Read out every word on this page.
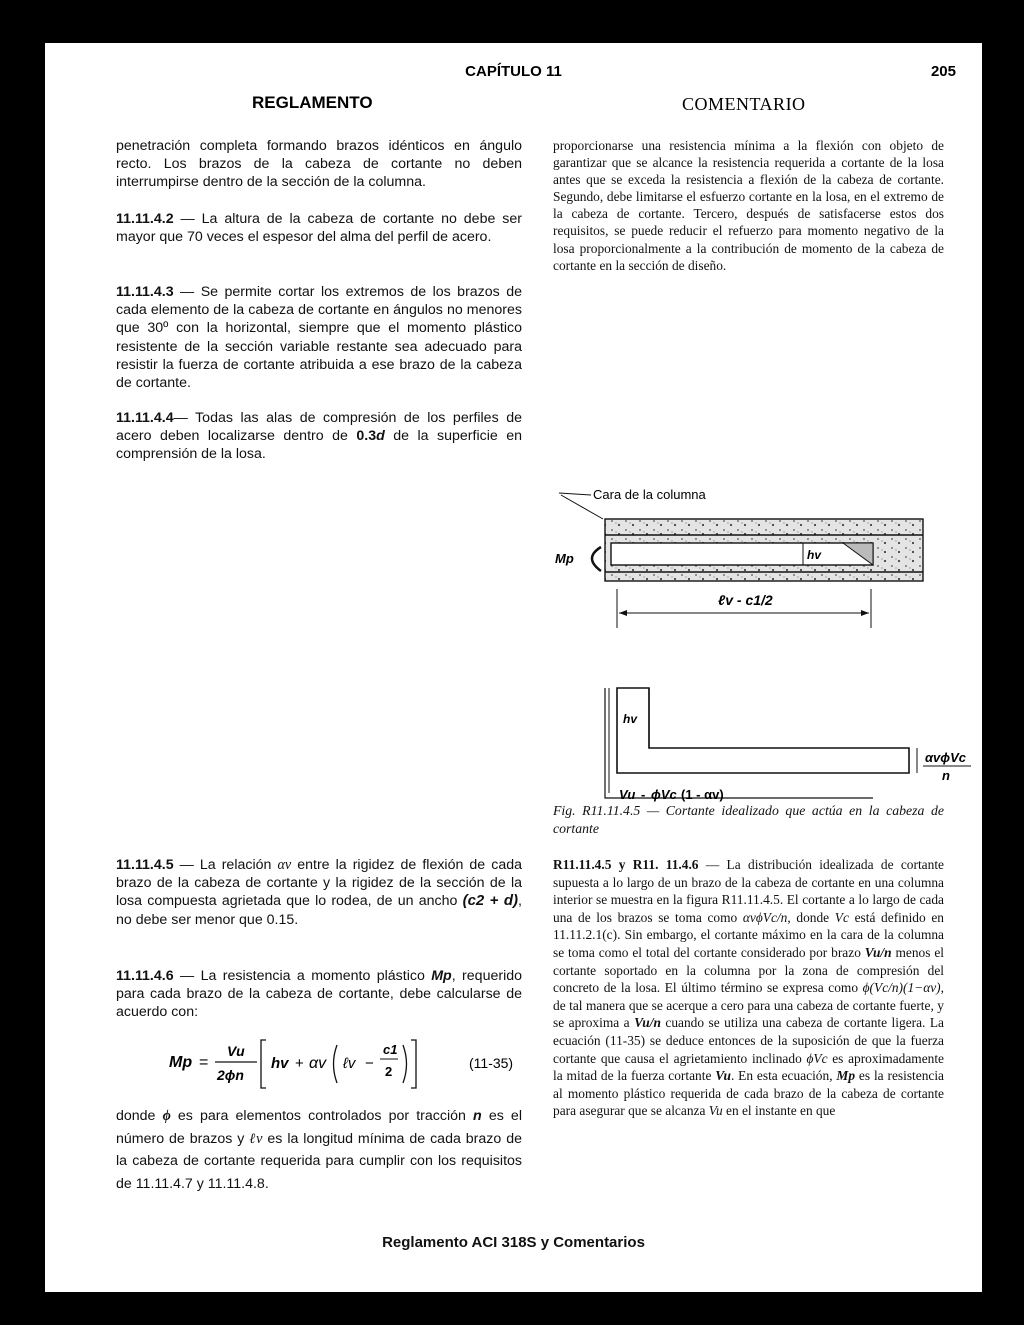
CAPÍTULO 11	205
REGLAMENTO	COMENTARIO
penetración completa formando brazos idénticos en ángulo recto. Los brazos de la cabeza de cortante no deben interrumpirse dentro de la sección de la columna.
11.11.4.2 — La altura de la cabeza de cortante no debe ser mayor que 70 veces el espesor del alma del perfil de acero.
11.11.4.3 — Se permite cortar los extremos de los brazos de cada elemento de la cabeza de cortante en ángulos no menores que 30º con la horizontal, siempre que el momento plástico resistente de la sección variable restante sea adecuado para resistir la fuerza de cortante atribuida a ese brazo de la cabeza de cortante.
11.11.4.4— Todas las alas de compresión de los perfiles de acero deben localizarse dentro de 0.3d de la superficie en comprensión de la losa.
11.11.4.5 — La relación αv entre la rigidez de flexión de cada brazo de la cabeza de cortante y la rigidez de la sección de la losa compuesta agrietada que lo rodea, de un ancho (c2 + d), no debe ser menor que 0.15.
11.11.4.6 — La resistencia a momento plástico Mp, requerido para cada brazo de la cabeza de cortante, debe calcularse de acuerdo con:
Mp =
Vu
2ϕn
hv + αv ℓv −
c1
2
(11-35)
donde ϕ es para elementos controlados por tracción n es el número de brazos y ℓv es la longitud mínima de cada brazo de la cabeza de cortante requerida para cumplir con los requisitos de 11.11.4.7 y 11.11.4.8.
proporcionarse una resistencia mínima a la flexión con objeto de garantizar que se alcance la resistencia requerida a cortante de la losa antes que se exceda la resistencia a flexión de la cabeza de cortante. Segundo, debe limitarse el esfuerzo cortante en la losa, en el extremo de la cabeza de cortante. Tercero, después de satisfacerse estos dos requisitos, se puede reducir el refuerzo para momento negativo de la losa proporcionalmente a la contribución de momento de la cabeza de cortante en la sección de diseño.
Cara de la columna
Mp	hv
ℓv - c1/2
hv
αvϕVc
n
Vu - ϕVc (1 - αv)
Fig. R11.11.4.5 — Cortante idealizado que actúa en la cabeza de cortante
R11.11.4.5 y R11. 11.4.6 — La distribución idealizada de cortante supuesta a lo largo de un brazo de la cabeza de cortante en una columna interior se muestra en la figura R11.11.4.5. El cortante a lo largo de cada una de los brazos se toma como αvϕVc/n, donde Vc está definido en 11.11.2.1(c). Sin embargo, el cortante máximo en la cara de la columna se toma como el total del cortante considerado por brazo Vu/n menos el cortante soportado en la columna por la zona de compresión del concreto de la losa. El último término se expresa como ϕ(Vc/n)(1−αv), de tal manera que se acerque a cero para una cabeza de cortante fuerte, y se aproxima a Vu/n cuando se utiliza una cabeza de cortante ligera. La ecuación (11-35) se deduce entonces de la suposición de que la fuerza cortante que causa el agrietamiento inclinado ϕVc es aproximadamente la mitad de la fuerza cortante Vu. En esta ecuación, Mp es la resistencia al momento plástico requerida de cada brazo de la cabeza de cortante para asegurar que se alcanza Vu en el instante en que
Reglamento ACI 318S y Comentarios
